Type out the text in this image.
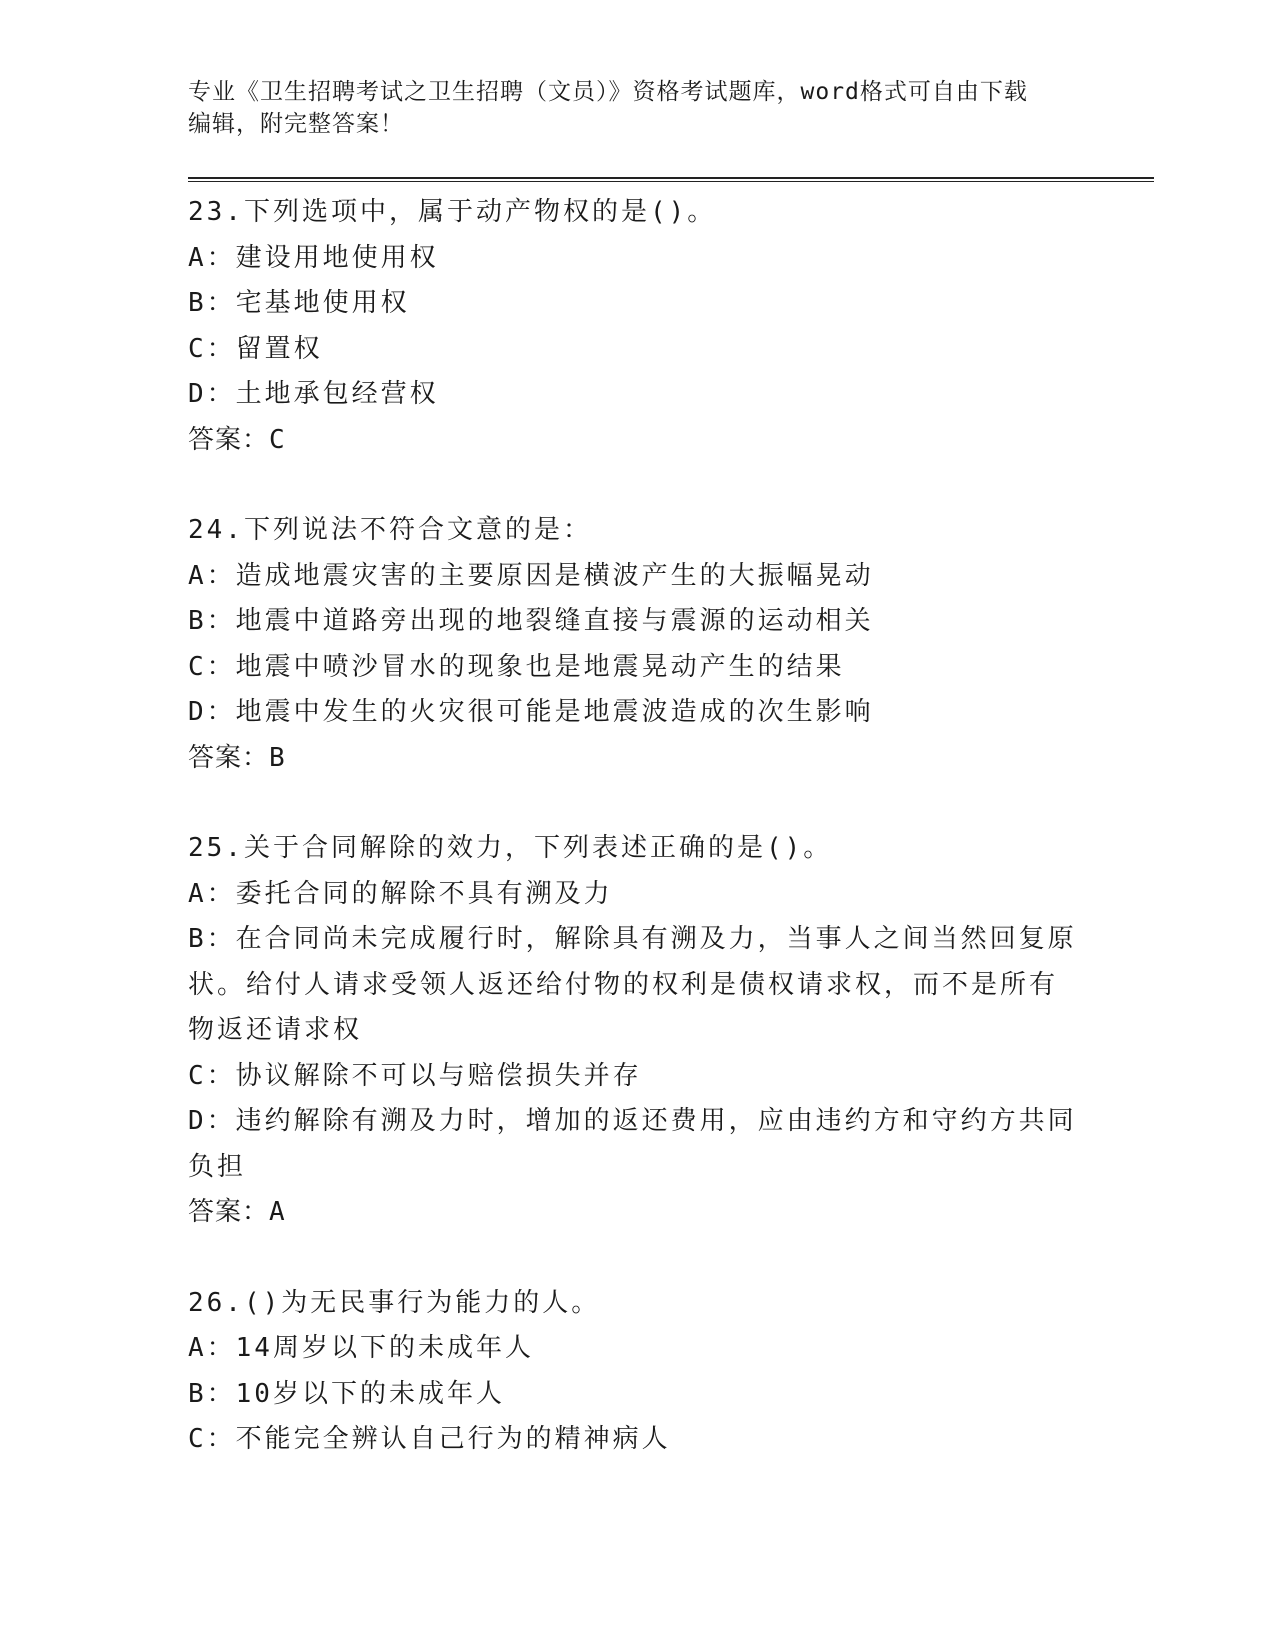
专业《卫生招聘考试之卫生招聘（文员）》资格考试题库，word格式可自由下载
编辑，附完整答案！
23.下列选项中，属于动产物权的是()。
A：建设用地使用权
B：宅基地使用权
C：留置权
D：土地承包经营权
答案：C
24.下列说法不符合文意的是：
A：造成地震灾害的主要原因是横波产生的大振幅晃动
B：地震中道路旁出现的地裂缝直接与震源的运动相关
C：地震中喷沙冒水的现象也是地震晃动产生的结果
D：地震中发生的火灾很可能是地震波造成的次生影响
答案：B
25.关于合同解除的效力，下列表述正确的是()。
A：委托合同的解除不具有溯及力
B：在合同尚未完成履行时，解除具有溯及力，当事人之间当然回复原
状。给付人请求受领人返还给付物的权利是债权请求权，而不是所有
物返还请求权
C：协议解除不可以与赔偿损失并存
D：违约解除有溯及力时，增加的返还费用，应由违约方和守约方共同
负担
答案：A
26.()为无民事行为能力的人。
A：14周岁以下的未成年人
B：10岁以下的未成年人
C：不能完全辨认自己行为的精神病人
